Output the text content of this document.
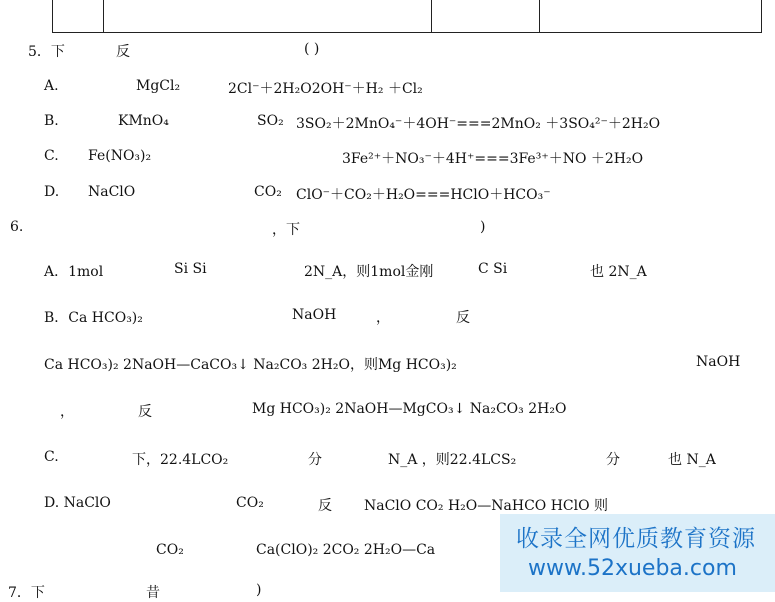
5．下	反	( )
A.	MgCl₂	2Cl⁻＋2H₂O2OH⁻＋H₂ ＋Cl₂
B.	KMnO₄	SO₂ 3SO₂＋2MnO₄⁻＋4OH⁻===2MnO₂ ＋3SO₄²⁻＋2H₂O
C. Fe(NO₃)₂	3Fe²⁺＋NO₃⁻＋4H⁺===3Fe³⁺＋NO ＋2H₂O
D. NaClO	CO₂ ClO⁻＋CO₂＋H₂O===HClO＋HCO₃⁻
6.	，下	)
A．1mol	Si Si	2N_A，则1mol金刚	C Si	也 2N_A
B．Ca HCO₃)₂	NaOH	，	反
Ca HCO₃)₂ 2NaOH—CaCO₃↓ Na₂CO₃ 2H₂O，则Mg HCO₃)₂	NaOH
，	反	Mg HCO₃)₂ 2NaOH—MgCO₃↓ Na₂CO₃ 2H₂O
C.	下，22.4LCO₂	分	N_A ，则22.4LCS₂	分	也 N_A
D. NaClO	CO₂	反 NaClO CO₂ H₂O—NaHCO HClO 则
CO₂	Ca(ClO)₂ 2CO₂ 2H₂O—Ca
7．下	昔	)
收录全网优质教育资源
www.52xueba.com
